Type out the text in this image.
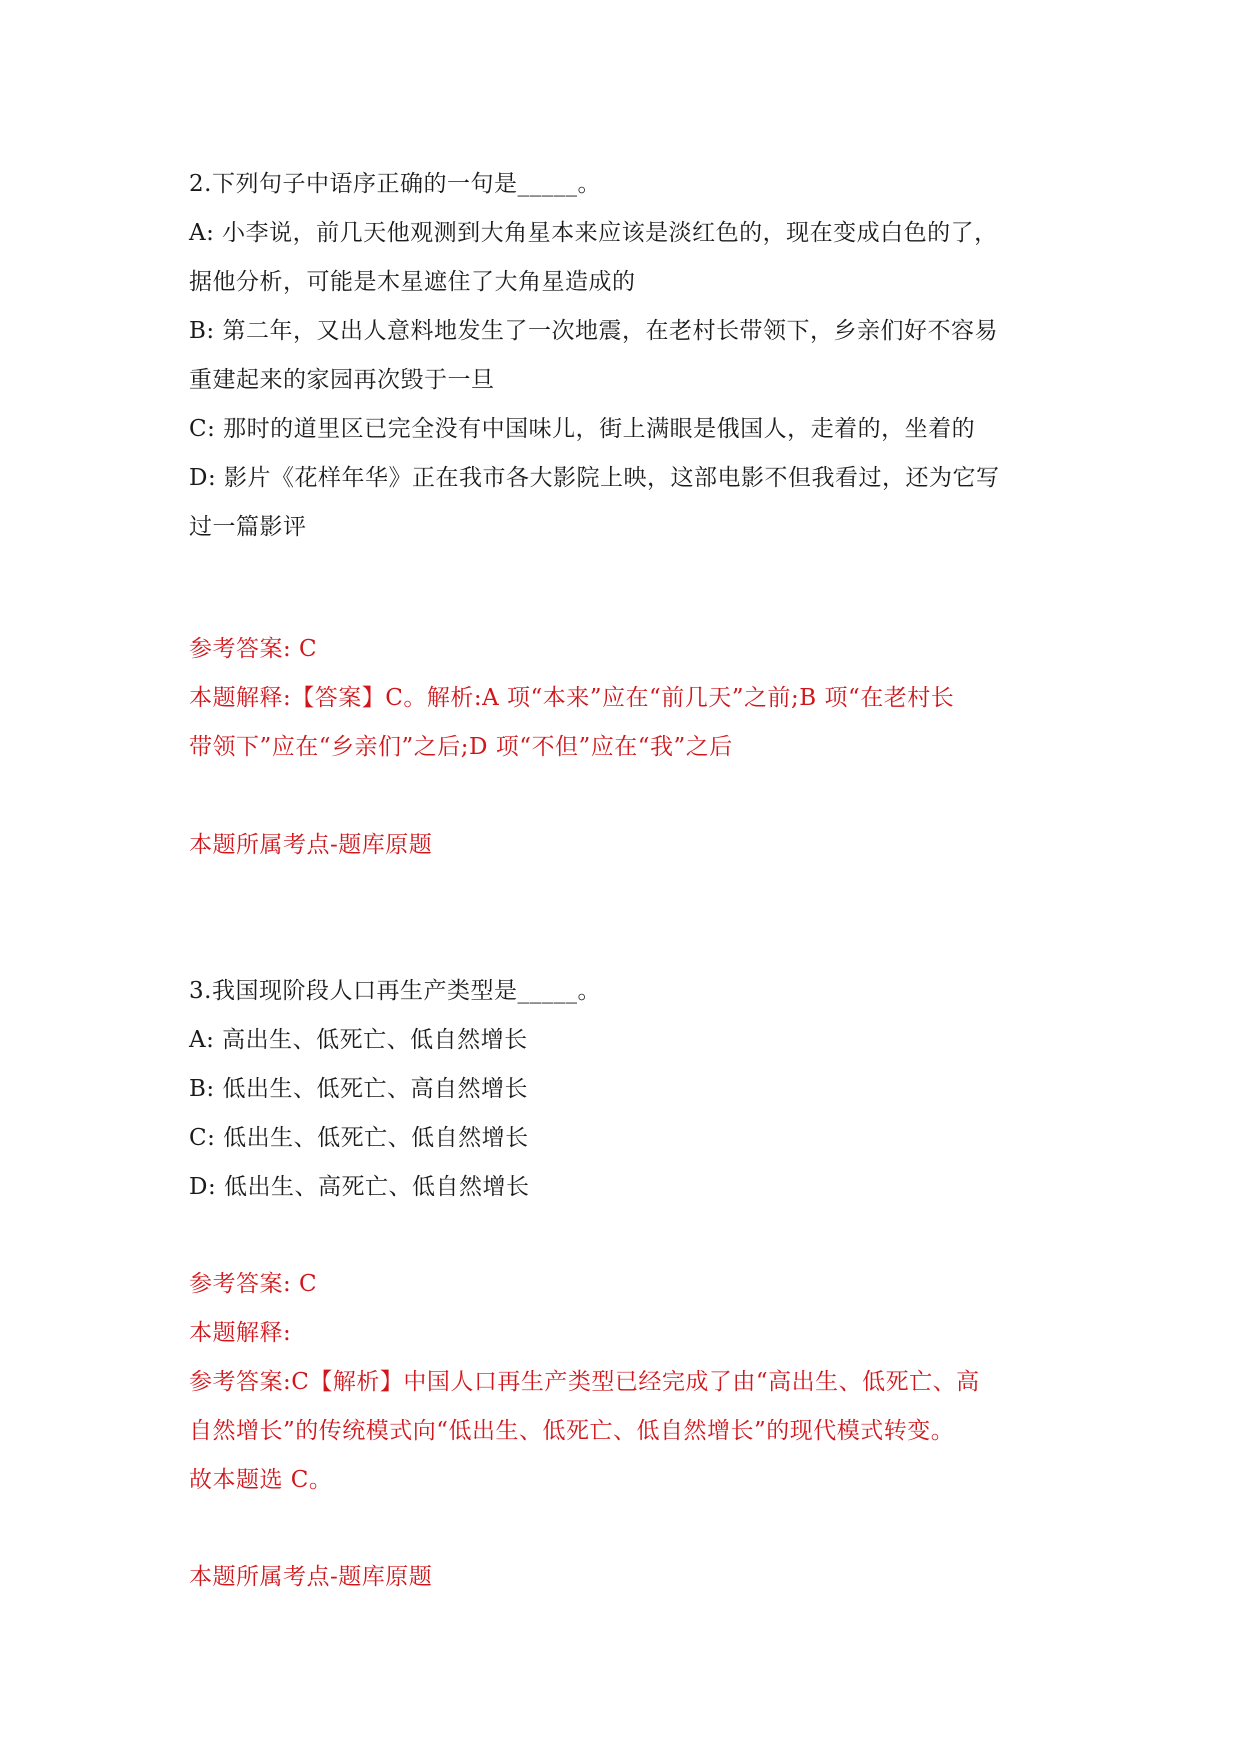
2.下列句子中语序正确的一句是_____。
A: 小李说，前几天他观测到大角星本来应该是淡红色的，现在变成白色的了，
据他分析，可能是木星遮住了大角星造成的
B: 第二年，又出人意料地发生了一次地震，在老村长带领下，乡亲们好不容易
重建起来的家园再次毁于一旦
C: 那时的道里区已完全没有中国味儿，街上满眼是俄国人，走着的，坐着的
D: 影片《花样年华》正在我市各大影院上映，这部电影不但我看过，还为它写
过一篇影评
参考答案: C
本题解释:【答案】C。解析:A 项“本来”应在“前几天”之前;B 项“在老村长
带领下”应在“乡亲们”之后;D 项“不但”应在“我”之后
本题所属考点-题库原题
3.我国现阶段人口再生产类型是_____。
A: 高出生、低死亡、低自然增长
B: 低出生、低死亡、高自然增长
C: 低出生、低死亡、低自然增长
D: 低出生、高死亡、低自然增长
参考答案: C
本题解释:
参考答案:C【解析】中国人口再生产类型已经完成了由“高出生、低死亡、高
自然增长”的传统模式向“低出生、低死亡、低自然增长”的现代模式转变。
故本题选 C。
本题所属考点-题库原题
